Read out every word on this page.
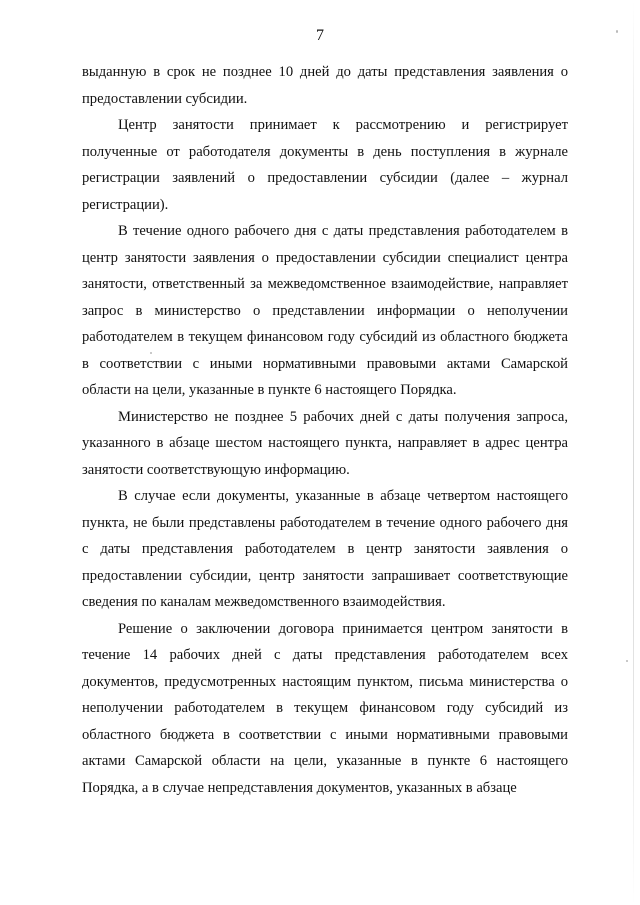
7

выданную в срок не позднее 10 дней до даты представления заявления о предоставлении субсидии.

Центр занятости принимает к рассмотрению и регистрирует полученные от работодателя документы в день поступления в журнале регистрации заявлений о предоставлении субсидии (далее – журнал регистрации).

В течение одного рабочего дня с даты представления работодателем в центр занятости заявления о предоставлении субсидии специалист центра занятости, ответственный за межведомственное взаимодействие, направляет запрос в министерство о представлении информации о неполучении работодателем в текущем финансовом году субсидий из областного бюджета в соответствии с иными нормативными правовыми актами Самарской области на цели, указанные в пункте 6 настоящего Порядка.

Министерство не позднее 5 рабочих дней с даты получения запроса, указанного в абзаце шестом настоящего пункта, направляет в адрес центра занятости соответствующую информацию.

В случае если документы, указанные в абзаце четвертом настоящего пункта, не были представлены работодателем в течение одного рабочего дня с даты представления работодателем в центр занятости заявления о предоставлении субсидии, центр занятости запрашивает соответствующие сведения по каналам межведомственного взаимодействия.

Решение о заключении договора принимается центром занятости в течение 14 рабочих дней с даты представления работодателем всех документов, предусмотренных настоящим пунктом, письма министерства о неполучении работодателем в текущем финансовом году субсидий из областного бюджета в соответствии с иными нормативными правовыми актами Самарской области на цели, указанные в пункте 6 настоящего Порядка, а в случае непредставления документов, указанных в абзаце
